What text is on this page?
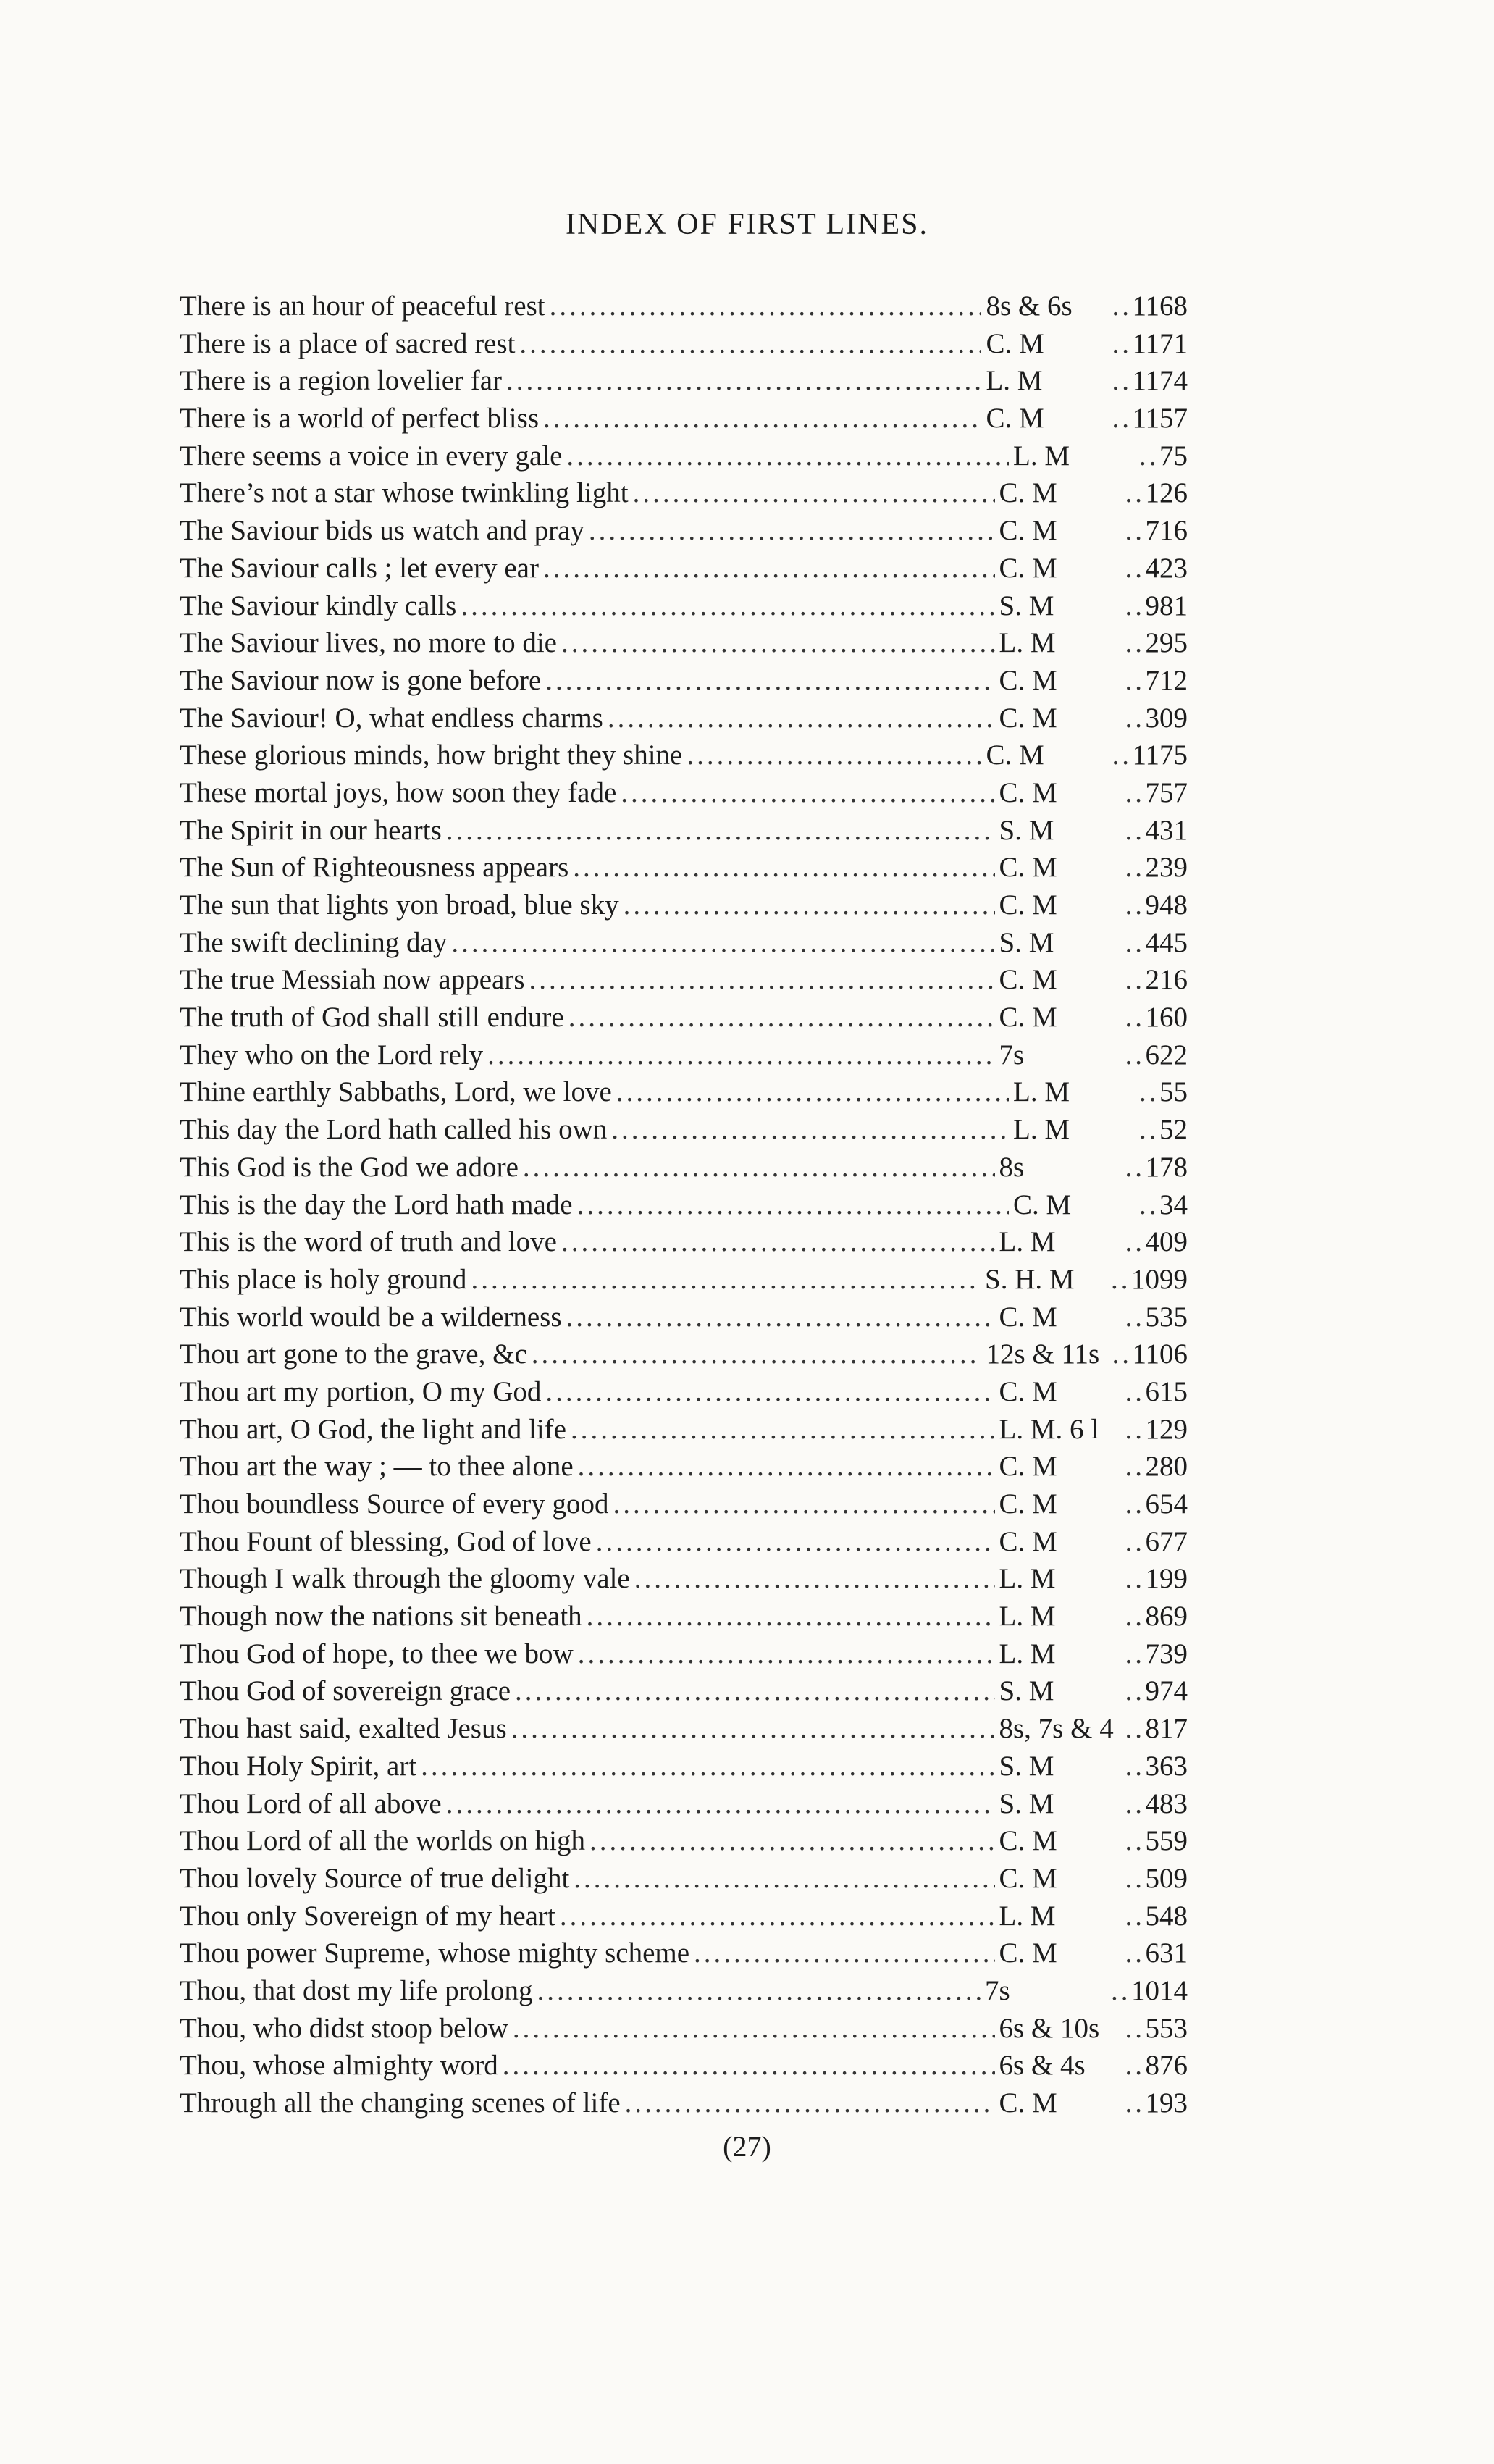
INDEX OF FIRST LINES.
There is an hour of peaceful rest .....	8s & 6s .....	1168
There is a place of sacred rest .....	C. M .....	1171
There is a region lovelier far .....	L. M .....	1174
There is a world of perfect bliss .....	C. M .....	1157
There seems a voice in every gale .....	L. M .....	75
There’s not a star whose twinkling light .....	C. M .....	126
The Saviour bids us watch and pray .....	C. M .....	716
The Saviour calls ; let every ear .....	C. M .....	423
The Saviour kindly calls .....	S. M .....	981
The Saviour lives, no more to die .....	L. M .....	295
The Saviour now is gone before .....	C. M .....	712
The Saviour! O, what endless charms .....	C. M .....	309
These glorious minds, how bright they shine .....	C. M .....	1175
These mortal joys, how soon they fade .....	C. M .....	757
The Spirit in our hearts .....	S. M .....	431
The Sun of Righteousness appears .....	C. M .....	239
The sun that lights yon broad, blue sky .....	C. M .....	948
The swift declining day .....	S. M .....	445
The true Messiah now appears .....	C. M .....	216
The truth of God shall still endure .....	C. M .....	160
They who on the Lord rely .....	7s .....	622
Thine earthly Sabbaths, Lord, we love .....	L. M .....	55
This day the Lord hath called his own .....	L. M .....	52
This God is the God we adore .....	8s .....	178
This is the day the Lord hath made .....	C. M .....	34
This is the word of truth and love .....	L. M .....	409
This place is holy ground .....	S. H. M .....	1099
This world would be a wilderness .....	C. M .....	535
Thou art gone to the grave, &c .....	12s & 11s .....	1106
Thou art my portion, O my God .....	C. M .....	615
Thou art, O God, the light and life .....	L. M. 6 l .....	129
Thou art the way ; — to thee alone .....	C. M .....	280
Thou boundless Source of every good .....	C. M .....	654
Thou Fount of blessing, God of love .....	C. M .....	677
Though I walk through the gloomy vale .....	L. M .....	199
Though now the nations sit beneath .....	L. M .....	869
Thou God of hope, to thee we bow .....	L. M .....	739
Thou God of sovereign grace .....	S. M .....	974
Thou hast said, exalted Jesus .....	8s, 7s & 4 .....	817
Thou Holy Spirit, art .....	S. M .....	363
Thou Lord of all above .....	S. M .....	483
Thou Lord of all the worlds on high .....	C. M .....	559
Thou lovely Source of true delight .....	C. M .....	509
Thou only Sovereign of my heart .....	L. M .....	548
Thou power Supreme, whose mighty scheme .....	C. M .....	631
Thou, that dost my life prolong .....	7s .....	1014
Thou, who didst stoop below .....	6s & 10s .....	553
Thou, whose almighty word .....	6s & 4s .....	876
Through all the changing scenes of life .....	C. M .....	193
(27)
